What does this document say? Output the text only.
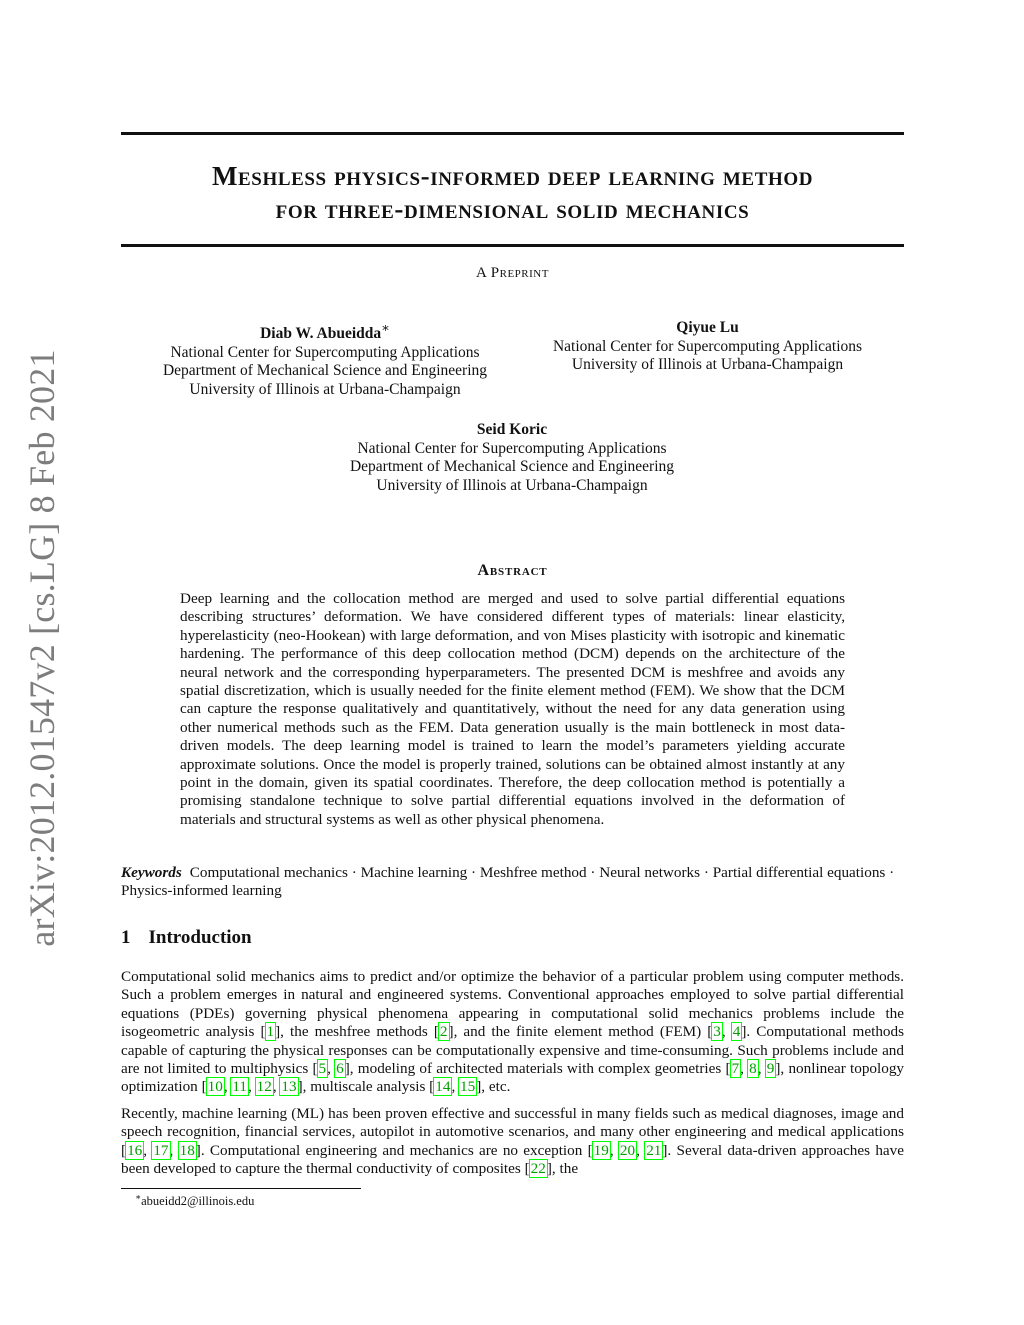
arXiv:2012.01547v2 [cs.LG] 8 Feb 2021
Meshless physics-informed deep learning method
for three-dimensional solid mechanics
A Preprint
Diab W. Abueidda∗
National Center for Supercomputing Applications
Department of Mechanical Science and Engineering
University of Illinois at Urbana-Champaign
Qiyue Lu
National Center for Supercomputing Applications
University of Illinois at Urbana-Champaign
Seid Koric
National Center for Supercomputing Applications
Department of Mechanical Science and Engineering
University of Illinois at Urbana-Champaign
Abstract
Deep learning and the collocation method are merged and used to solve partial differential equations describing structures’ deformation. We have considered different types of materials: linear elasticity, hyperelasticity (neo-Hookean) with large deformation, and von Mises plasticity with isotropic and kinematic hardening. The performance of this deep collocation method (DCM) depends on the architecture of the neural network and the corresponding hyperparameters. The presented DCM is meshfree and avoids any spatial discretization, which is usually needed for the finite element method (FEM). We show that the DCM can capture the response qualitatively and quantitatively, without the need for any data generation using other numerical methods such as the FEM. Data generation usually is the main bottleneck in most data-driven models. The deep learning model is trained to learn the model’s parameters yielding accurate approximate solutions. Once the model is properly trained, solutions can be obtained almost instantly at any point in the domain, given its spatial coordinates. Therefore, the deep collocation method is potentially a promising standalone technique to solve partial differential equations involved in the deformation of materials and structural systems as well as other physical phenomena.
Keywords Computational mechanics · Machine learning · Meshfree method · Neural networks · Partial differential equations · Physics-informed learning
1 Introduction
Computational solid mechanics aims to predict and/or optimize the behavior of a particular problem using computer methods. Such a problem emerges in natural and engineered systems. Conventional approaches employed to solve partial differential equations (PDEs) governing physical phenomena appearing in computational solid mechanics problems include the isogeometric analysis [1], the meshfree methods [2], and the finite element method (FEM) [3, 4]. Computational methods capable of capturing the physical responses can be computationally expensive and time-consuming. Such problems include and are not limited to multiphysics [5, 6], modeling of architected materials with complex geometries [7, 8, 9], nonlinear topology optimization [10, 11, 12, 13], multiscale analysis [14, 15], etc.
Recently, machine learning (ML) has been proven effective and successful in many fields such as medical diagnoses, image and speech recognition, financial services, autopilot in automotive scenarios, and many other engineering and medical applications [16, 17, 18]. Computational engineering and mechanics are no exception [19, 20, 21]. Several data-driven approaches have been developed to capture the thermal conductivity of composites [22], the
∗abueidd2@illinois.edu
